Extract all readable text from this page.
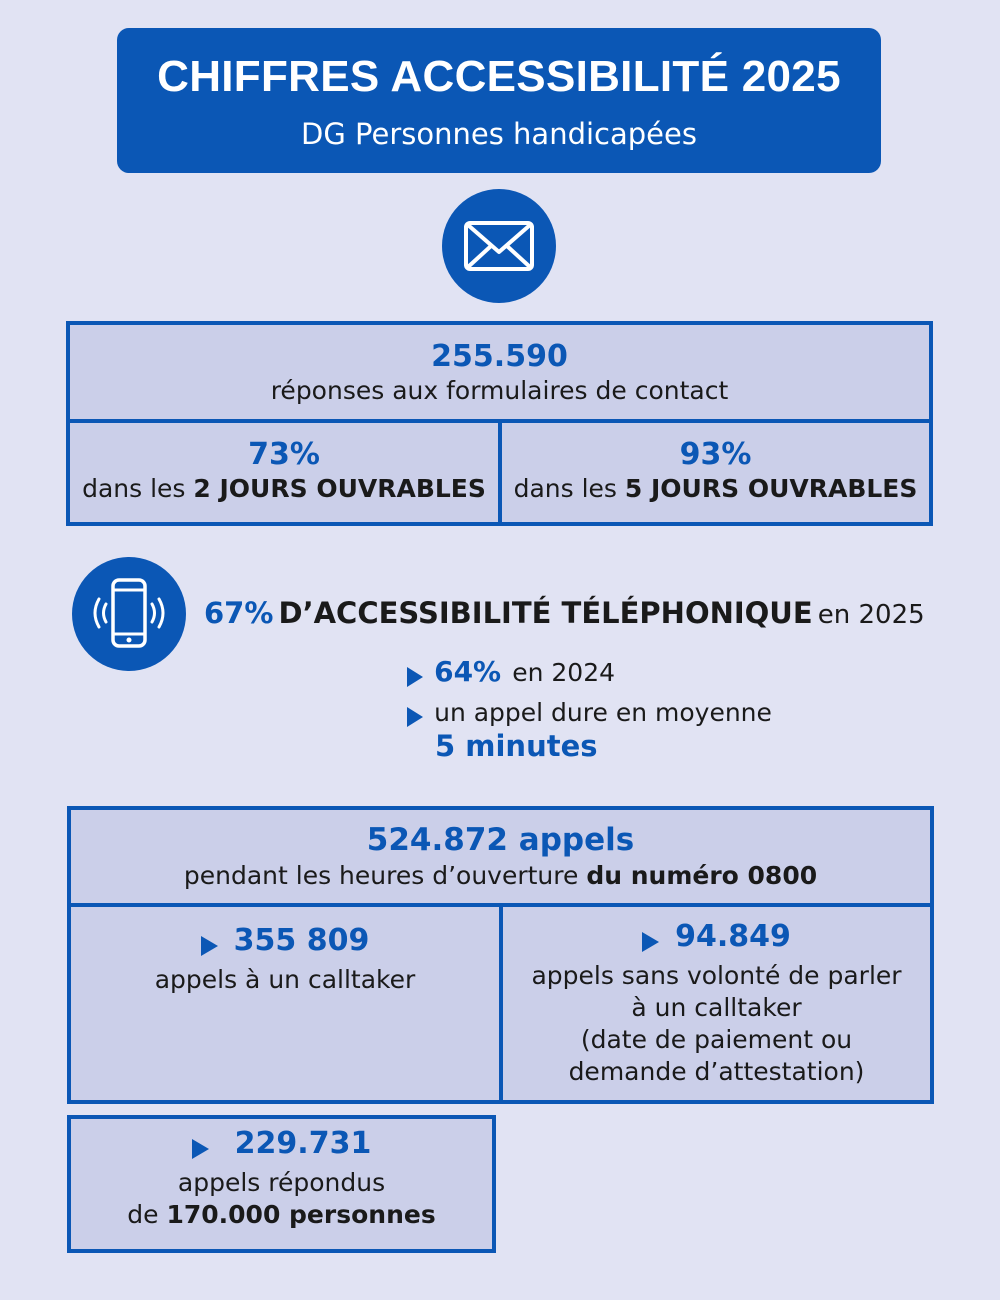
CHIFFRES ACCESSIBILITÉ 2025
DG Personnes handicapées
255.590
réponses aux formulaires de contact
73%
dans les 2 JOURS OUVRABLES
93%
dans les 5 JOURS OUVRABLES
67% D’ACCESSIBILITÉ TÉLÉPHONIQUE en 2025
64% en 2024
un appel dure en moyenne
5 minutes
524.872 appels
pendant les heures d’ouverture du numéro 0800
355 809
appels à un calltaker
94.849
appels sans volonté de parler
à un calltaker
(date de paiement ou
demande d’attestation)
229.731
appels répondus
de 170.000 personnes
